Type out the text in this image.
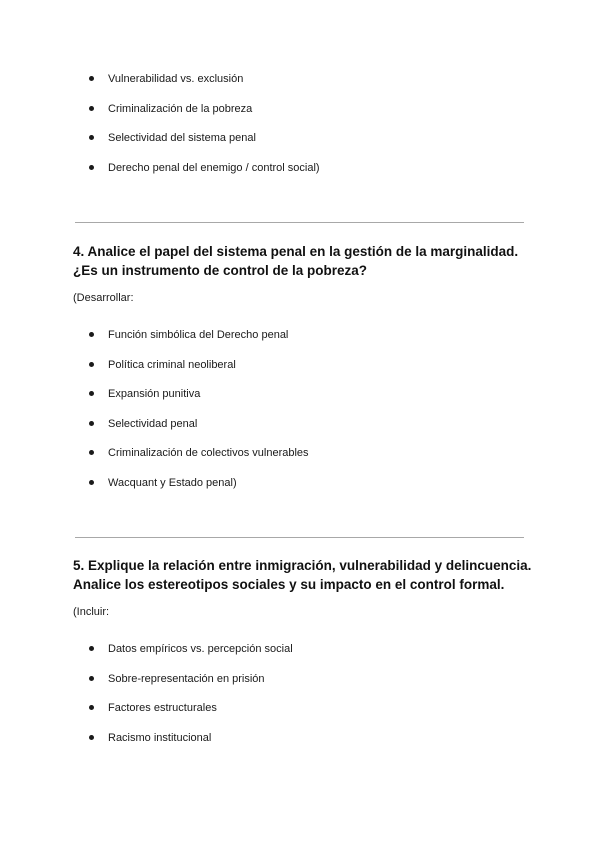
Vulnerabilidad vs. exclusión
Criminalización de la pobreza
Selectividad del sistema penal
Derecho penal del enemigo / control social)
4. Analice el papel del sistema penal en la gestión de la marginalidad.
¿Es un instrumento de control de la pobreza?

(Desarrollar:

Función simbólica del Derecho penal
Política criminal neoliberal
Expansión punitiva
Selectividad penal
Criminalización de colectivos vulnerables
Wacquant y Estado penal)
5. Explique la relación entre inmigración, vulnerabilidad y delincuencia.
Analice los estereotipos sociales y su impacto en el control formal.

(Incluir:

Datos empíricos vs. percepción social
Sobre-representación en prisión
Factores estructurales
Racismo institucional
